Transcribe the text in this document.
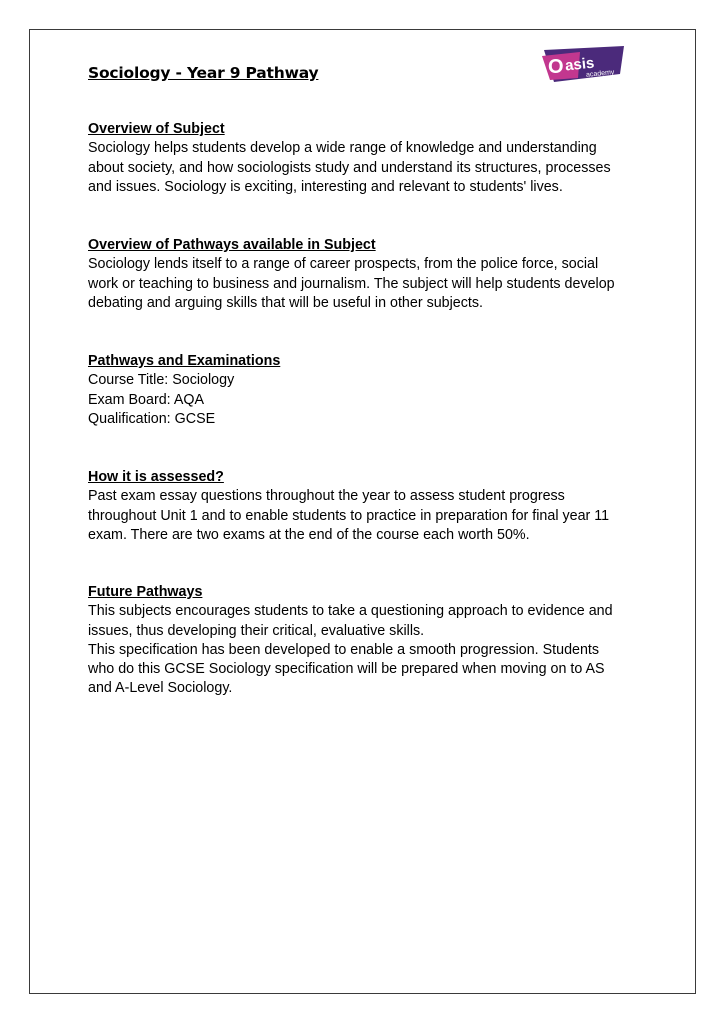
Sociology - Year 9 Pathway	O asis
academy
Overview of Subject

Sociology helps students develop a wide range of knowledge and understanding

about society, and how sociologists study and understand its structures, processes

and issues. Sociology is exciting, interesting and relevant to students' lives.

Overview of Pathways available in Subject

Sociology lends itself to a range of career prospects, from the police force, social

work or teaching to business and journalism. The subject will help students develop

debating and arguing skills that will be useful in other subjects.

Pathways and Examinations

Course Title: Sociology

Exam Board: AQA

Qualification: GCSE

How it is assessed?

Past exam essay questions throughout the year to assess student progress

throughout Unit 1 and to enable students to practice in preparation for final year 11

exam. There are two exams at the end of the course each worth 50%.

Future Pathways

This subjects encourages students to take a questioning approach to evidence and

issues, thus developing their critical, evaluative skills.

This specification has been developed to enable a smooth progression. Students

who do this GCSE Sociology specification will be prepared when moving on to AS

and A-Level Sociology.
